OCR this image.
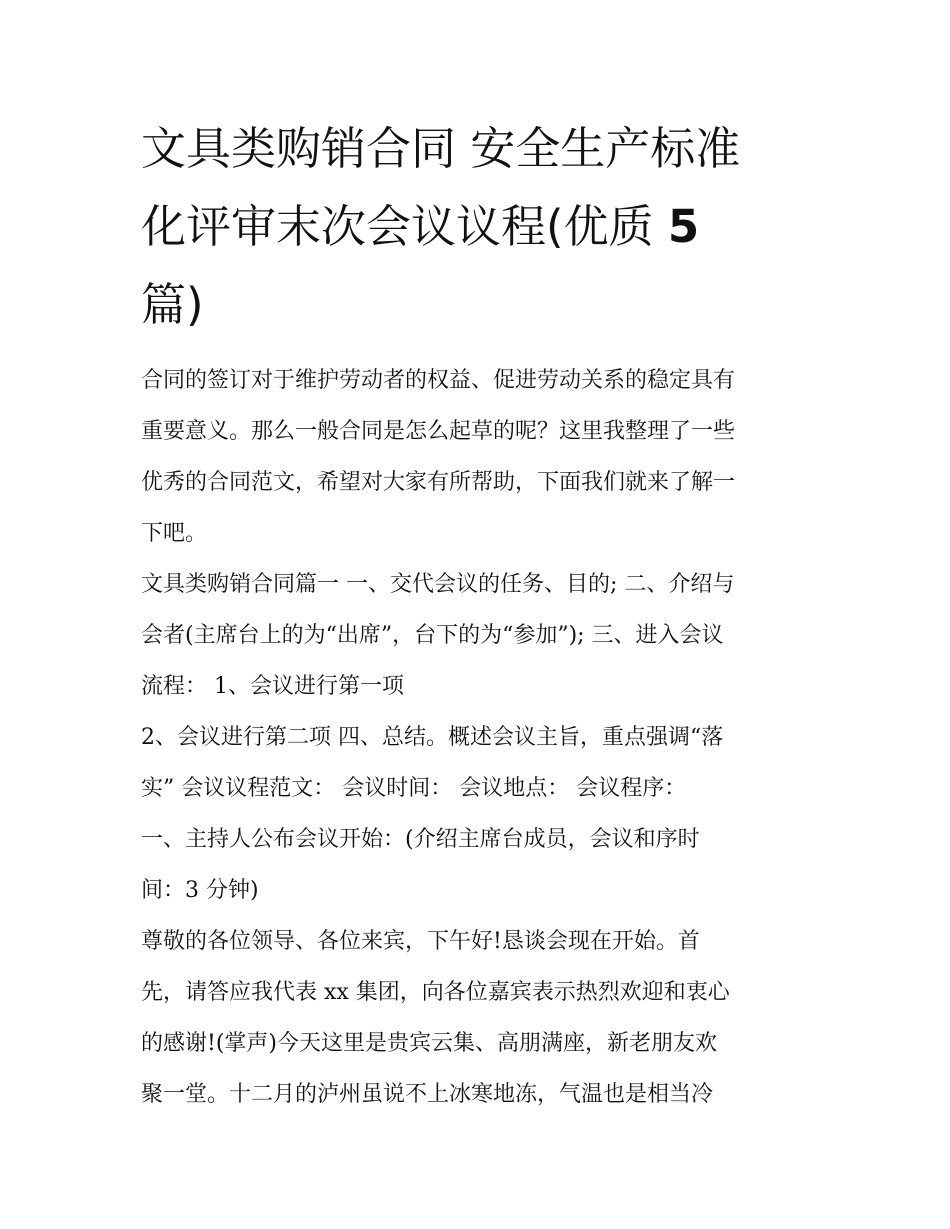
文具类购销合同 安全生产标准
化评审末次会议议程(优质 5
篇)

合同的签订对于维护劳动者的权益、促进劳动关系的稳定具有
重要意义。那么一般合同是怎么起草的呢？这里我整理了一些
优秀的合同范文，希望对大家有所帮助，下面我们就来了解一
下吧。

文具类购销合同篇一 一、交代会议的任务、目的; 二、介绍与
会者(主席台上的为“出席”，台下的为“参加”); 三、进入会议
流程： 1、会议进行第一项

2、会议进行第二项 四、总结。概述会议主旨，重点强调“落
实” 会议议程范文： 会议时间： 会议地点： 会议程序：

一、主持人公布会议开始：(介绍主席台成员，会议和序时
间：3 分钟)

尊敬的各位领导、各位来宾，下午好!恳谈会现在开始。首
先，请答应我代表 xx 集团，向各位嘉宾表示热烈欢迎和衷心
的感谢!(掌声)今天这里是贵宾云集、高朋满座，新老朋友欢
聚一堂。十二月的泸州虽说不上冰寒地冻，气温也是相当冷
